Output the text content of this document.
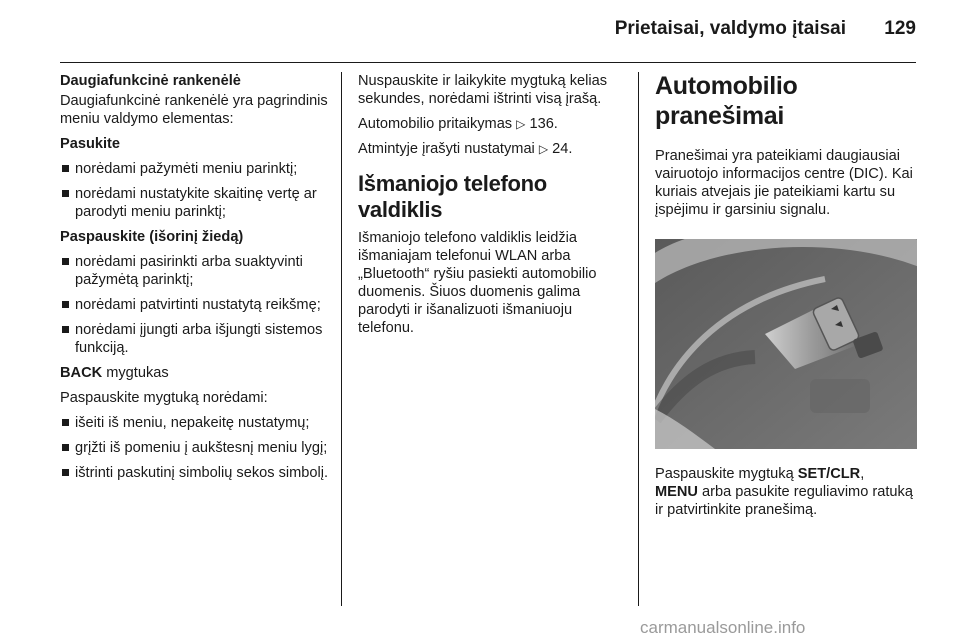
Prietaisai, valdymo įtaisai 129
Daugiafunkcinė rankenėlė
Daugiafunkcinė rankenėlė yra pagrindinis meniu valdymo elementas:
Pasukite
norėdami pažymėti meniu parinktį;
norėdami nustatykite skaitinę vertę ar parodyti meniu parinktį;
Paspauskite (išorinį žiedą)
norėdami pasirinkti arba suaktyvinti pažymėtą parinktį;
norėdami patvirtinti nustatytą reikšmę;
norėdami įjungti arba išjungti sistemos funkciją.
BACK mygtukas
Paspauskite mygtuką norėdami:
išeiti iš meniu, nepakeitę nustatymų;
grįžti iš pomeniu į aukštesnį meniu lygį;
ištrinti paskutinį simbolių sekos simbolį.
Nuspauskite ir laikykite mygtuką kelias sekundes, norėdami ištrinti visą įrašą.
Automobilio pritaikymas ▷ 136.
Atmintyje įrašyti nustatymai ▷ 24.
Išmaniojo telefono valdiklis
Išmaniojo telefono valdiklis leidžia išmaniajam telefonui WLAN arba „Bluetooth“ ryšiu pasiekti automobilio duomenis. Šiuos duomenis galima parodyti ir išanalizuoti išmaniuoju telefonu.
Automobilio pranešimai
Pranešimai yra pateikiami daugiausiai vairuotojo informacijos centre (DIC). Kai kuriais atvejais jie pateikiami kartu su įspėjimu ir garsiniu signalu.
Paspauskite mygtuką SET/CLR,
MENU arba pasukite reguliavimo ratuką ir patvirtinkite pranešimą.
carmanualsonline.info
